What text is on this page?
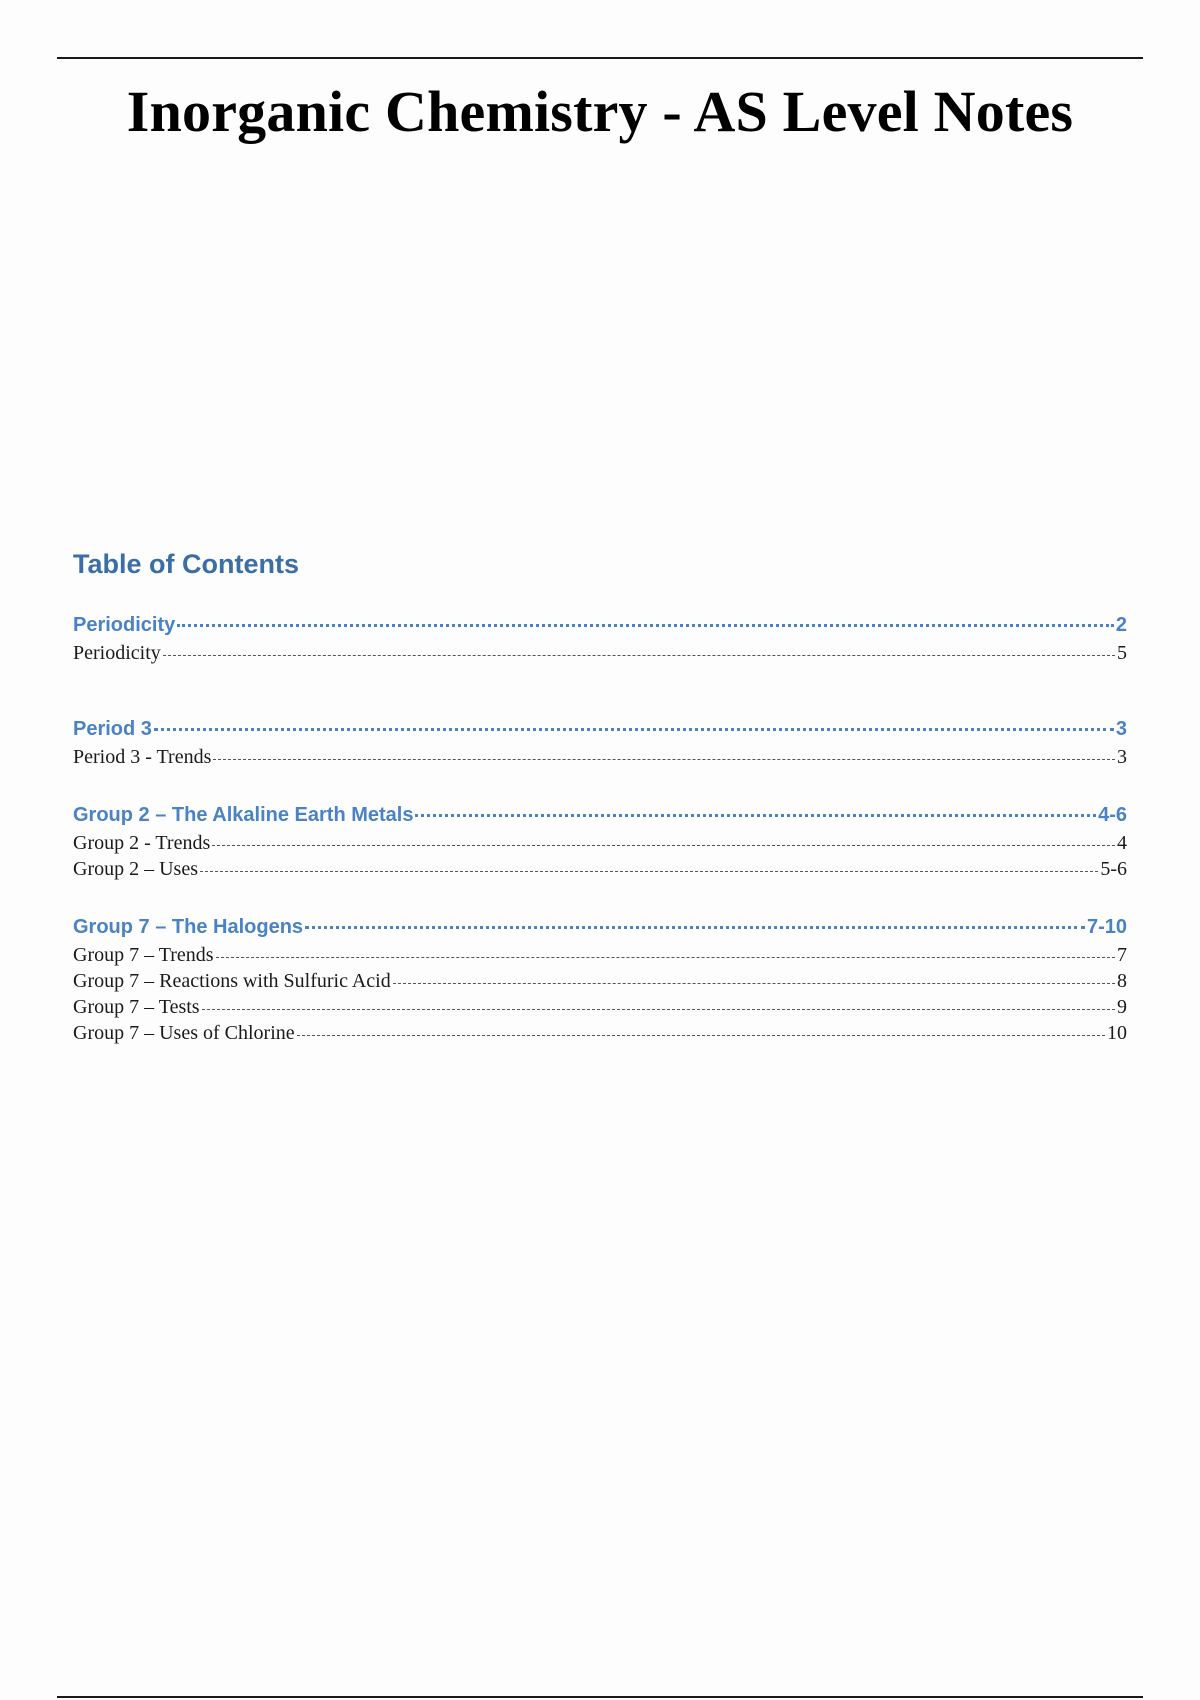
Inorganic Chemistry - AS Level Notes
Table of Contents
Periodicity	2
Periodicity	5
Period 3	3
Period 3 - Trends	3
Group 2 – The Alkaline Earth Metals	4-6
Group 2 - Trends	4
Group 2 – Uses	5-6
Group 7 – The Halogens	7-10
Group 7 – Trends	7
Group 7 – Reactions with Sulfuric Acid	8
Group 7 – Tests	9
Group 7 – Uses of Chlorine	10
